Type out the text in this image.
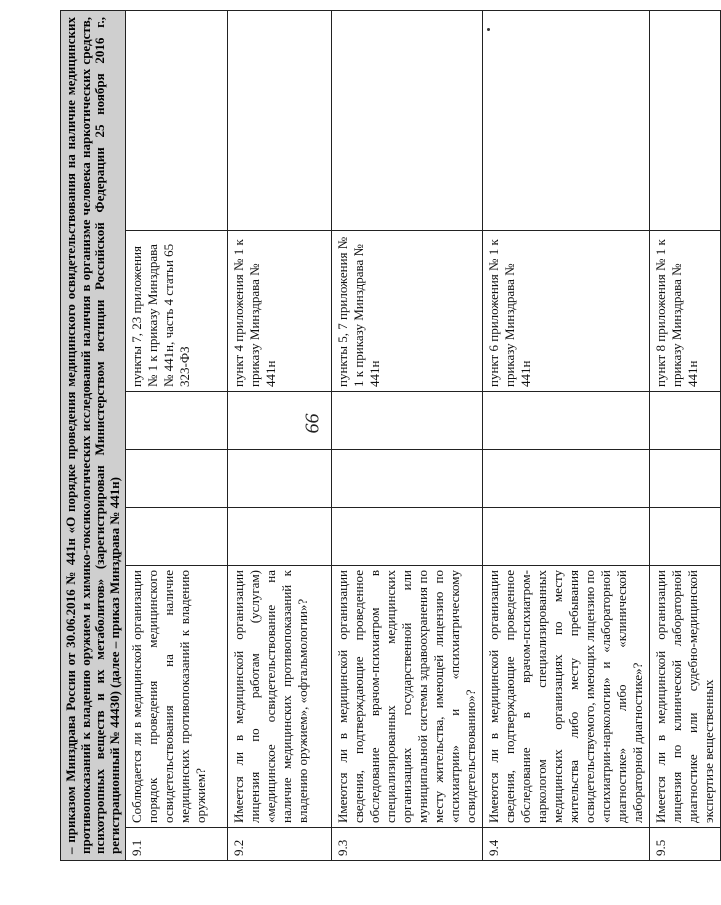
66
– приказом Минздрава России от 30.06.2016 № 441н «О порядке проведения медицинского освидетельствования на наличие медицинских противопоказаний к владению оружием и химико-токсикологических исследований наличия в организме человека наркотических средств, психотропных веществ и их метаболитов» (зарегистрирован Министерством юстиции Российской Федерации 25 ноября 2016 г., регистрационный № 44430) (далее – приказ Минздрава № 441н)						
9.1	Соблюдается ли в медицинской организации порядок проведения медицинского освидетельствования на наличие медицинских противопоказаний к владению оружием?				пункты 7, 23 приложения № 1 к приказу Минздрава № 441н, часть 4 статьи 65 323-ФЗ	
9.2	Имеется ли в медицинской организации лицензия по работам (услугам) «медицинское освидетельствование на наличие медицинских противопоказаний к владению оружием», «офтальмологии»?				пункт 4 приложения № 1 к приказу Минздрава № 441н	
9.3	Имеются ли в медицинской организации сведения, подтверждающие проведенное обследование врачом-психиатром в специализированных медицинских организациях государственной или муниципальной системы здравоохранения по месту жительства, имеющей лицензию по «психиатрии» и «психиатрическому освидетельствованию»?				пункты 5, 7 приложения № 1 к приказу Минздрава № 441н	
9.4	Имеются ли в медицинской организации сведения, подтверждающие проведенное обследование в врачом-психиатром-наркологом специализированных медицинских организациях по месту жительства либо месту пребывания освидетельствуемого, имеющих лицензию по «психиатрии-наркологии» и «лабораторной диагностике» либо «клинической лабораторной диагностике»?				пункт 6 приложения № 1 к приказу Минздрава № 441н	
9.5	Имеется ли в медицинской организации лицензия по клинической лабораторной диагностике или судебно-медицинской экспертизе вещественных				пункт 8 приложения № 1 к приказу Минздрава № 441н	
